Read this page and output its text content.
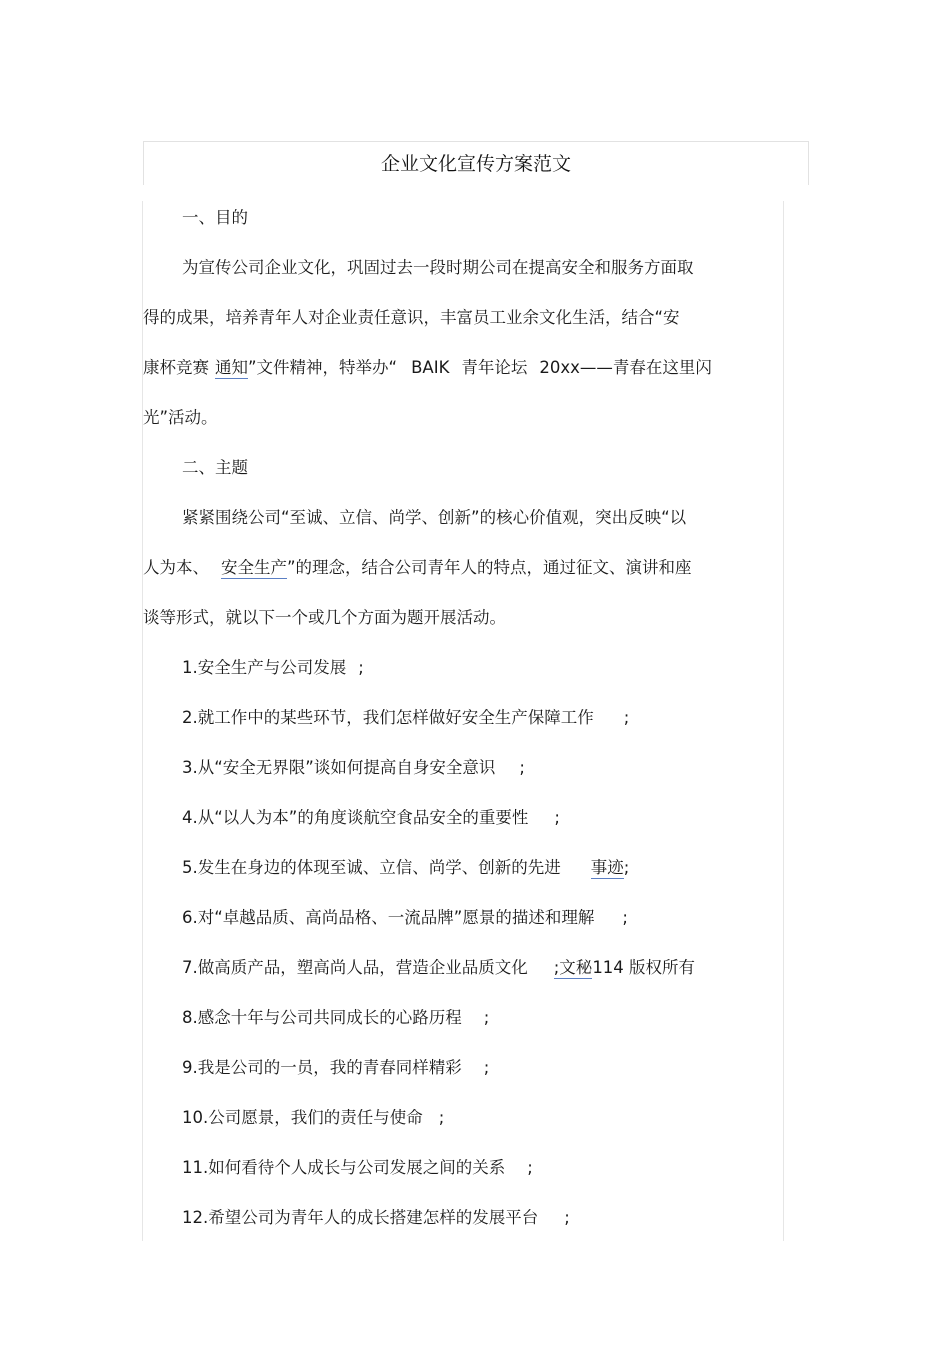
企业文化宣传方案范文
一、目的
为宣传公司企业文化，巩固过去一段时期公司在提高安全和服务方面取
得的成果，培养青年人对企业责任意识，丰富员工业余文化生活，结合“安
康杯竞赛 通知”文件精神，特举办“ BAIK 青年论坛 20xx——青春在这里闪
光”活动。
二、主题
紧紧围绕公司“至诚、立信、尚学、创新”的核心价值观，突出反映“以
人为本、 安全生产”的理念，结合公司青年人的特点，通过征文、演讲和座
谈等形式，就以下一个或几个方面为题开展活动。
1.安全生产与公司发展 ;
2.就工作中的某些环节，我们怎样做好安全生产保障工作 ;
3.从“安全无界限”谈如何提高自身安全意识 ;
4.从“以人为本”的角度谈航空食品安全的重要性 ;
5.发生在身边的体现至诚、立信、尚学、创新的先进 事迹;
6.对“卓越品质、高尚品格、一流品牌”愿景的描述和理解 ;
7.做高质产品，塑高尚人品，营造企业品质文化 ;文秘114 版权所有
8.感念十年与公司共同成长的心路历程 ;
9.我是公司的一员，我的青春同样精彩 ;
10.公司愿景，我们的责任与使命 ;
11.如何看待个人成长与公司发展之间的关系 ;
12.希望公司为青年人的成长搭建怎样的发展平台 ;
